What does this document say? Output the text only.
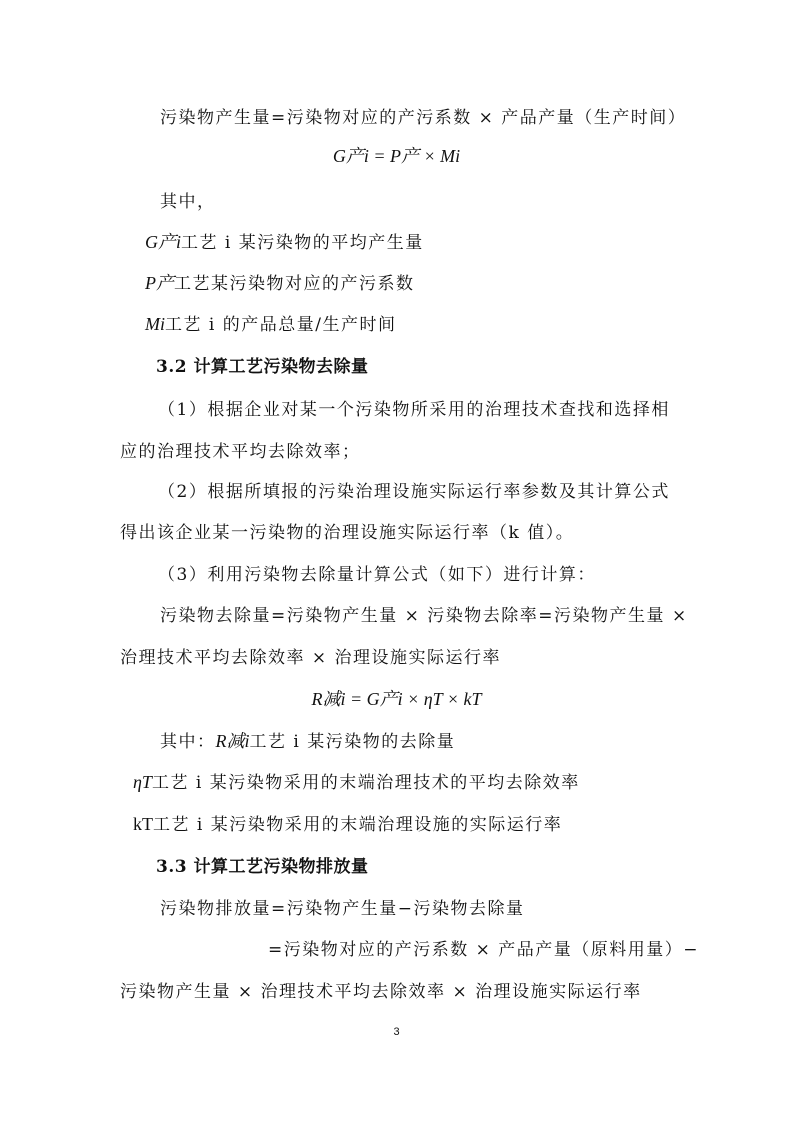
污染物产生量=污染物对应的产污系数 × 产品产量（生产时间）
G产i = P产 × Mi
其中，
G产i工艺 i 某污染物的平均产生量
P产工艺某污染物对应的产污系数
Mi工艺 i 的产品总量/生产时间
3.2 计算工艺污染物去除量
（1）根据企业对某一个污染物所采用的治理技术查找和选择相
应的治理技术平均去除效率；
（2）根据所填报的污染治理设施实际运行率参数及其计算公式
得出该企业某一污染物的治理设施实际运行率（k 值）。
（3）利用污染物去除量计算公式（如下）进行计算：
污染物去除量=污染物产生量 × 污染物去除率=污染物产生量 ×
治理技术平均去除效率 × 治理设施实际运行率
R减i = G产i × ηT × kT
其中：R减i工艺 i 某污染物的去除量
ηT工艺 i 某污染物采用的末端治理技术的平均去除效率
kT工艺 i 某污染物采用的末端治理设施的实际运行率
3.3 计算工艺污染物排放量
污染物排放量=污染物产生量−污染物去除量
=污染物对应的产污系数 × 产品产量（原料用量）−
污染物产生量 × 治理技术平均去除效率 × 治理设施实际运行率
3
